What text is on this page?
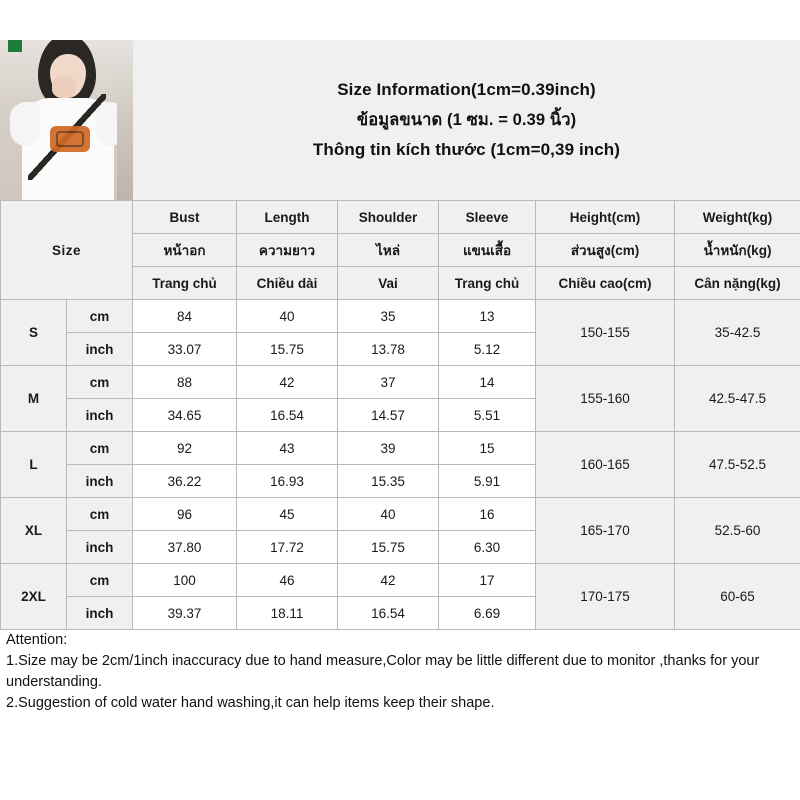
Size Information(1cm=0.39inch)
ข้อมูลขนาด (1 ซม. = 0.39 นิ้ว)
Thông tin kích thước (1cm=0,39 inch)
Size		Bust	Length	Shoulder	Sleeve	Height(cm)	Weight(kg)
		หน้าอก	ความยาว	ไหล่	แขนเสื้อ	ส่วนสูง(cm)	น้ำหนัก(kg)
		Trang chủ	Chiều dài	Vai	Trang chủ	Chiều cao(cm)	Cân nặng(kg)
S	cm	84	40	35	13	150-155	35-42.5
	inch	33.07	15.75	13.78	5.12		
M	cm	88	42	37	14	155-160	42.5-47.5
	inch	34.65	16.54	14.57	5.51		
L	cm	92	43	39	15	160-165	47.5-52.5
	inch	36.22	16.93	15.35	5.91		
XL	cm	96	45	40	16	165-170	52.5-60
	inch	37.80	17.72	15.75	6.30		
2XL	cm	100	46	42	17	170-175	60-65
	inch	39.37	18.11	16.54	6.69		

Attention:

1.Size may be 2cm/1inch inaccuracy due to hand measure,Color may be little different due to monitor ,thanks for your understanding.

2.Suggestion of cold water hand washing,it can help items keep their shape.
